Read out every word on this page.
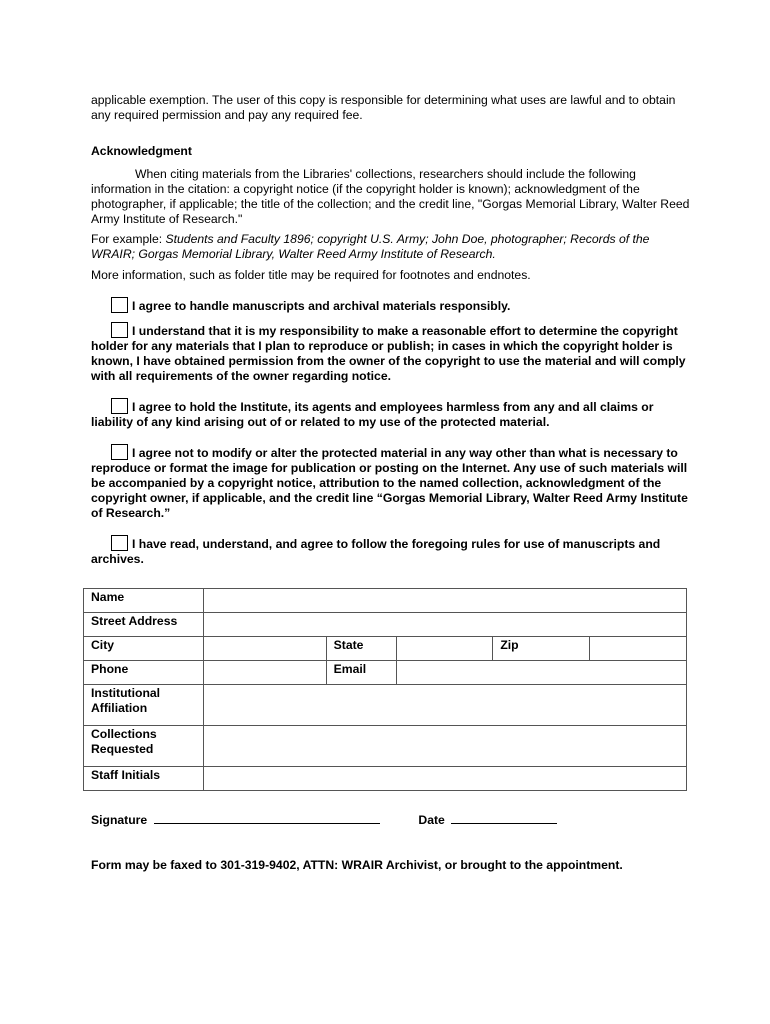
applicable exemption. The user of this copy is responsible for determining what uses are lawful and to obtain any required permission and pay any required fee.

Acknowledgment

When citing materials from the Libraries' collections, researchers should include the following information in the citation: a copyright notice (if the copyright holder is known); acknowledgment of the photographer, if applicable; the title of the collection; and the credit line, "Gorgas Memorial Library, Walter Reed Army Institute of Research."

For example: Students and Faculty 1896; copyright U.S. Army; John Doe, photographer; Records of the WRAIR; Gorgas Memorial Library, Walter Reed Army Institute of Research.

More information, such as folder title may be required for footnotes and endnotes.

I agree to handle manuscripts and archival materials responsibly.

I understand that it is my responsibility to make a reasonable effort to determine the copyright holder for any materials that I plan to reproduce or publish; in cases in which the copyright holder is known, I have obtained permission from the owner of the copyright to use the material and will comply with all requirements of the owner regarding notice.

I agree to hold the Institute, its agents and employees harmless from any and all claims or liability of any kind arising out of or related to my use of the protected material.

I agree not to modify or alter the protected material in any way other than what is necessary to reproduce or format the image for publication or posting on the Internet. Any use of such materials will be accompanied by a copyright notice, attribution to the named collection, acknowledgment of the copyright owner, if applicable, and the credit line “Gorgas Memorial Library, Walter Reed Army Institute of Research.”

I have read, understand, and agree to follow the foregoing rules for use of manuscripts and archives.

Name					
Street Address					
City		State		Zip	
Phone		Email			
Institutional Affiliation					
Collections Requested					
Staff Initials					
Signature	Date

Form may be faxed to 301-319-9402, ATTN: WRAIR Archivist, or brought to the appointment.
